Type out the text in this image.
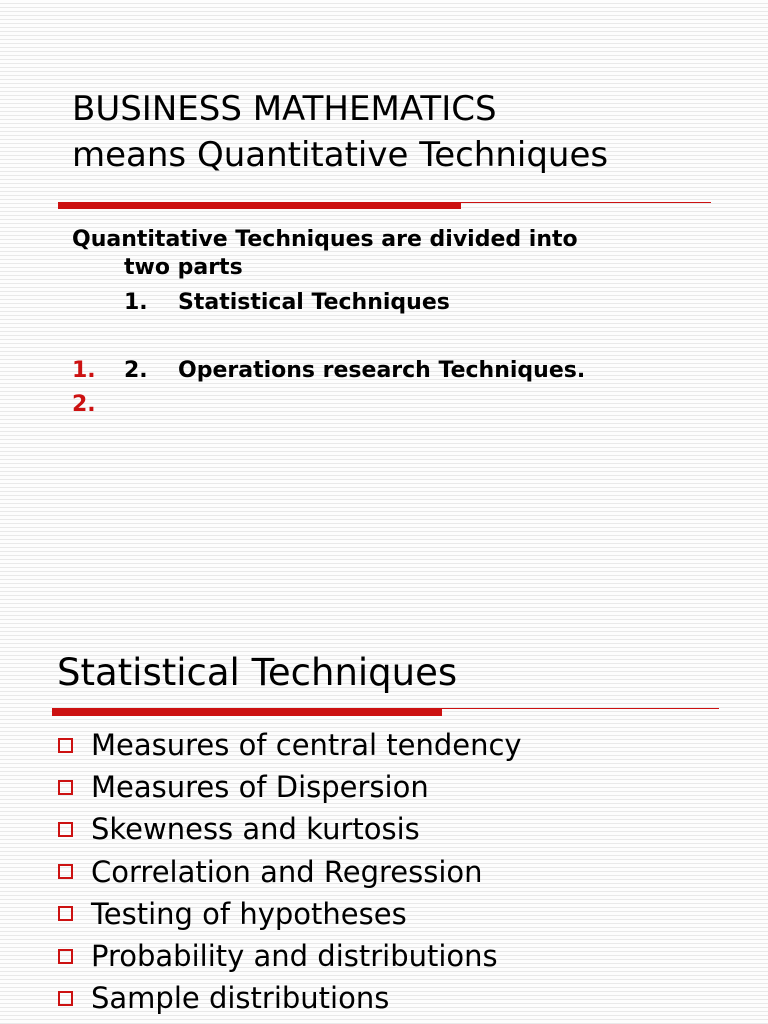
BUSINESS MATHEMATICS
means Quantitative Techniques
Quantitative Techniques are divided into
two parts
1. Statistical Techniques
1. 2. Operations research Techniques.
2.
Statistical Techniques
Measures of central tendency
Measures of Dispersion
Skewness and kurtosis
Correlation and Regression
Testing of hypotheses
Probability and distributions
Sample distributions
